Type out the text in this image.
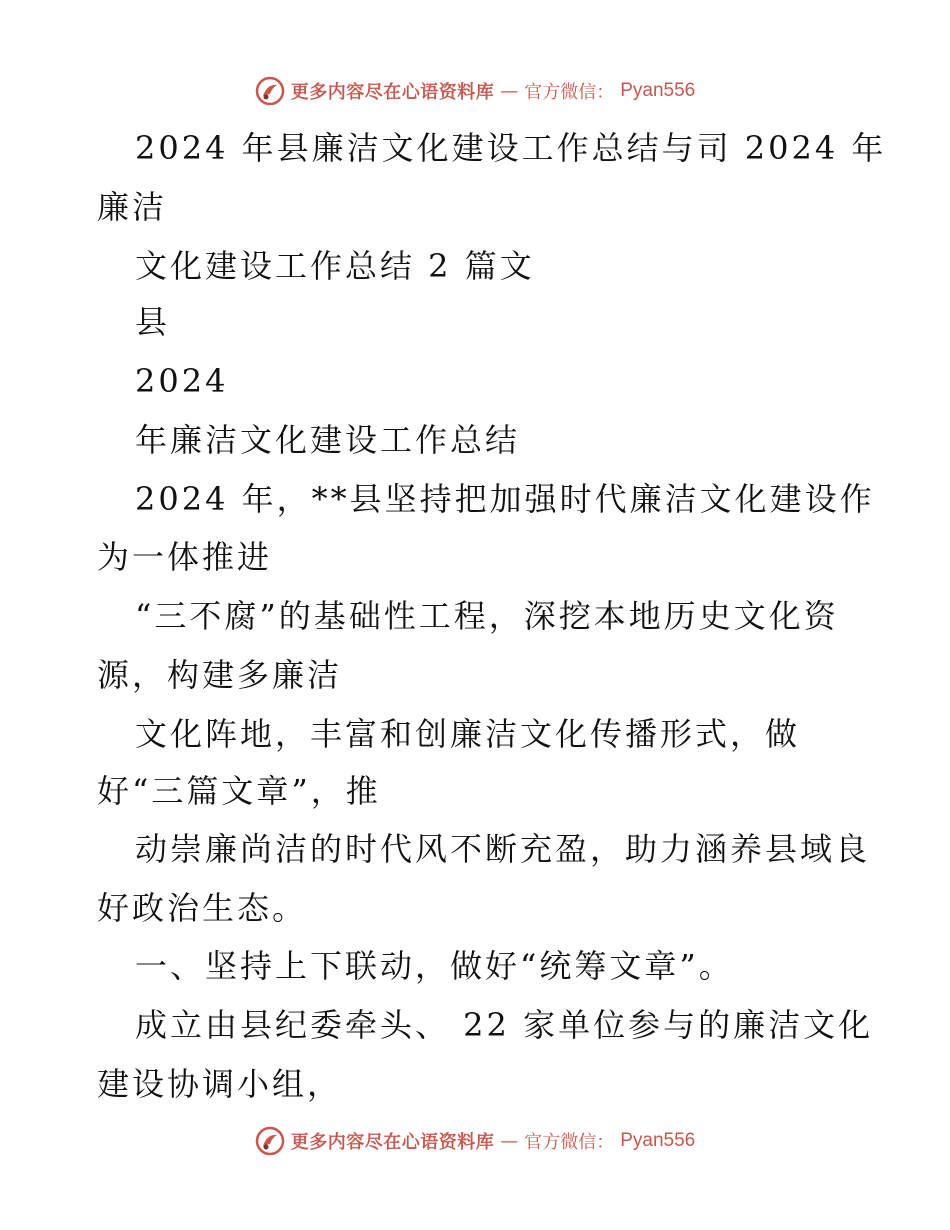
更多内容尽在心语资料库 — 官方微信： Pyan556
2024 年县廉洁文化建设工作总结与司 2024 年
廉洁
文化建设工作总结 2 篇文
县
2024
年廉洁文化建设工作总结
2024 年，**县坚持把加强时代廉洁文化建设作
为一体推进
“三不腐”的基础性工程，深挖本地历史文化资
源，构建多廉洁
文化阵地，丰富和创廉洁文化传播形式，做
好“三篇文章”，推
动崇廉尚洁的时代风不断充盈，助力涵养县域良
好政治生态。
一、坚持上下联动，做好“统筹文章”。
成立由县纪委牵头、 22 家单位参与的廉洁文化
建设协调小组，
更多内容尽在心语资料库 — 官方微信： Pyan556
